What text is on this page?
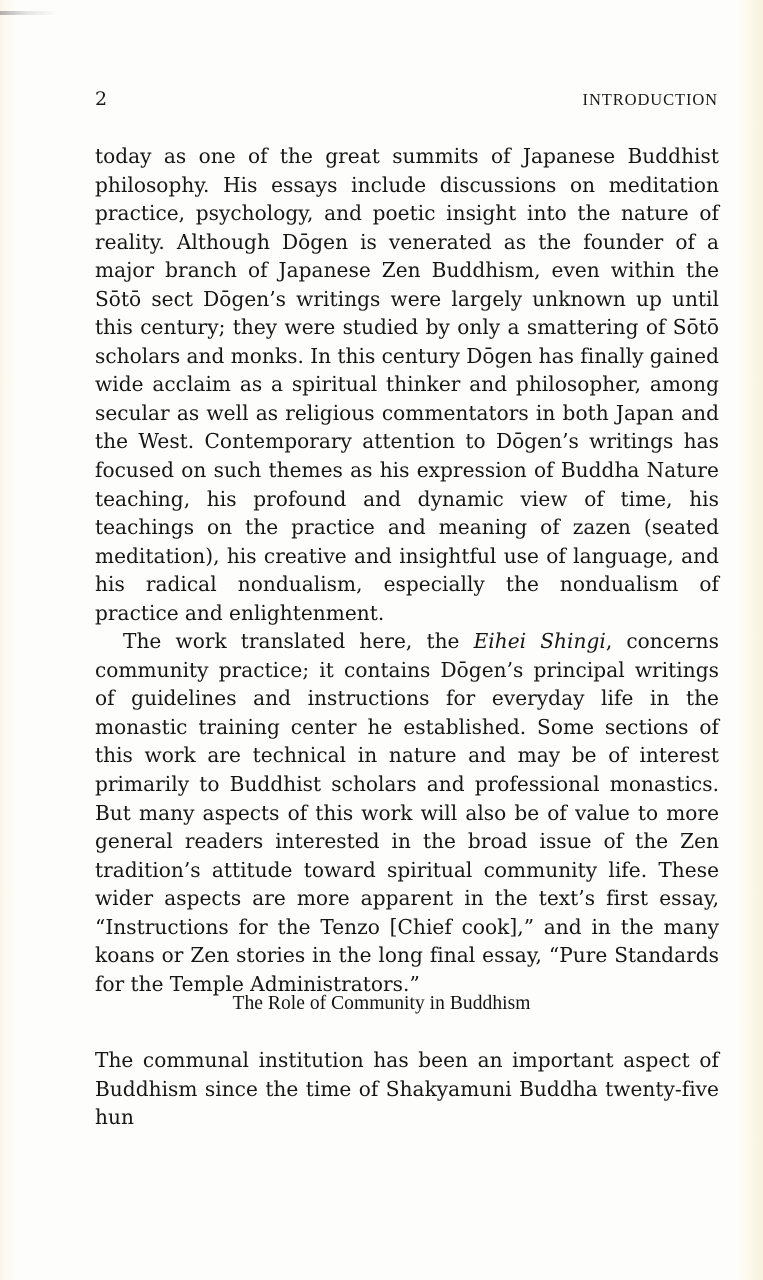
2	INTRODUCTION

today as one of the great summits of Japanese Buddhist philosophy. His essays include discussions on meditation practice, psychology, and poetic insight into the nature of reality. Although Dōgen is venerated as the founder of a major branch of Japanese Zen Buddhism, even within the Sōtō sect Dōgen’s writings were largely unknown up until this century; they were studied by only a smattering of Sōtō scholars and monks. In this century Dōgen has finally gained wide acclaim as a spiritual thinker and philosopher, among secular as well as religious commentators in both Japan and the West. Contemporary attention to Dōgen’s writings has focused on such themes as his expression of Buddha Nature teaching, his profound and dynamic view of time, his teachings on the practice and meaning of zazen (seated meditation), his creative and insightful use of language, and his radical nondualism, especially the nondualism of practice and enlightenment.

The work translated here, the Eihei Shingi, concerns community practice; it contains Dōgen’s principal writings of guidelines and instructions for everyday life in the monastic training center he established. Some sections of this work are technical in nature and may be of interest primarily to Buddhist scholars and professional monastics. But many aspects of this work will also be of value to more general readers interested in the broad issue of the Zen tradition’s attitude toward spiritual community life. These wider aspects are more apparent in the text’s first essay, “Instructions for the Tenzo [Chief cook],” and in the many koans or Zen stories in the long final essay, “Pure Standards for the Temple Administrators.”

The Role of Community in Buddhism

The communal institution has been an important aspect of Buddhism since the time of Shakyamuni Buddha twenty-five hun
